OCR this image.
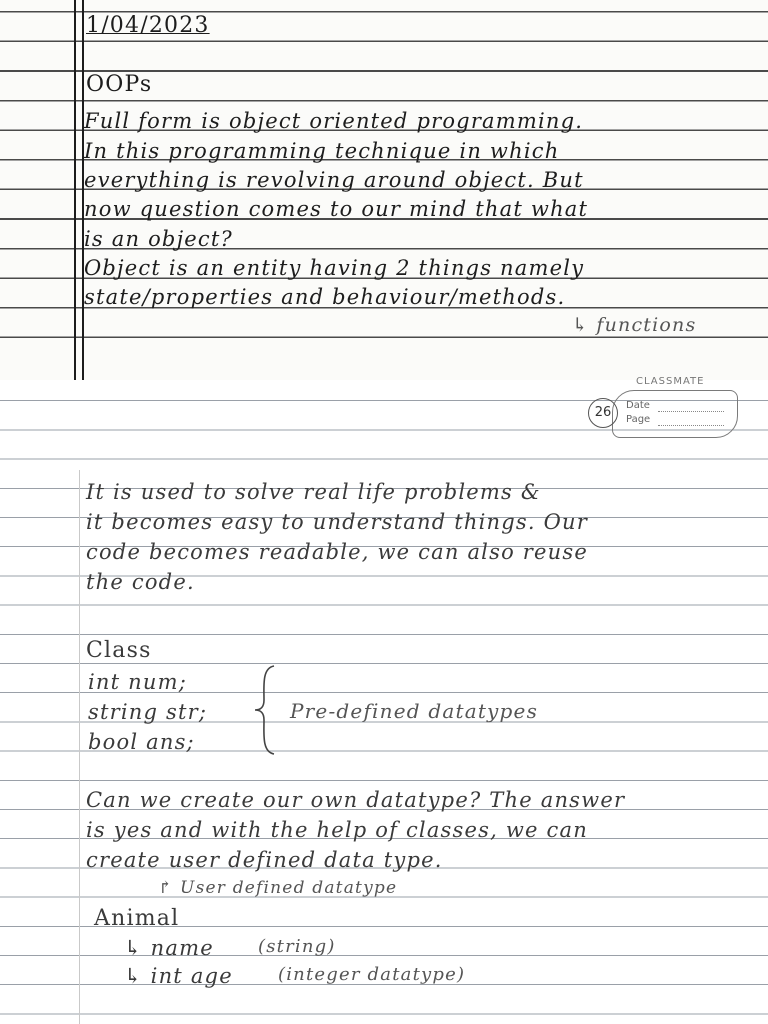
1/04/2023
OOPs
Full form is object oriented programming.
In this programming technique in which
everything is revolving around object. But
now question comes to our mind that what
is an object?
Object is an entity having 2 things namely
state/properties and behaviour/methods.
↳ functions
It is used to solve real life problems &
it becomes easy to understand things. Our
code becomes readable, we can also reuse
the code.
Class
int num;
string str;
bool ans;
Pre-defined datatypes
Can we create our own datatype? The answer
is yes and with the help of classes, we can
create user defined data type.
↱ User defined datatype
Animal
↳ name (string)
↳ int age	(integer datatype)
CLASSMATE
26	Date
Page
